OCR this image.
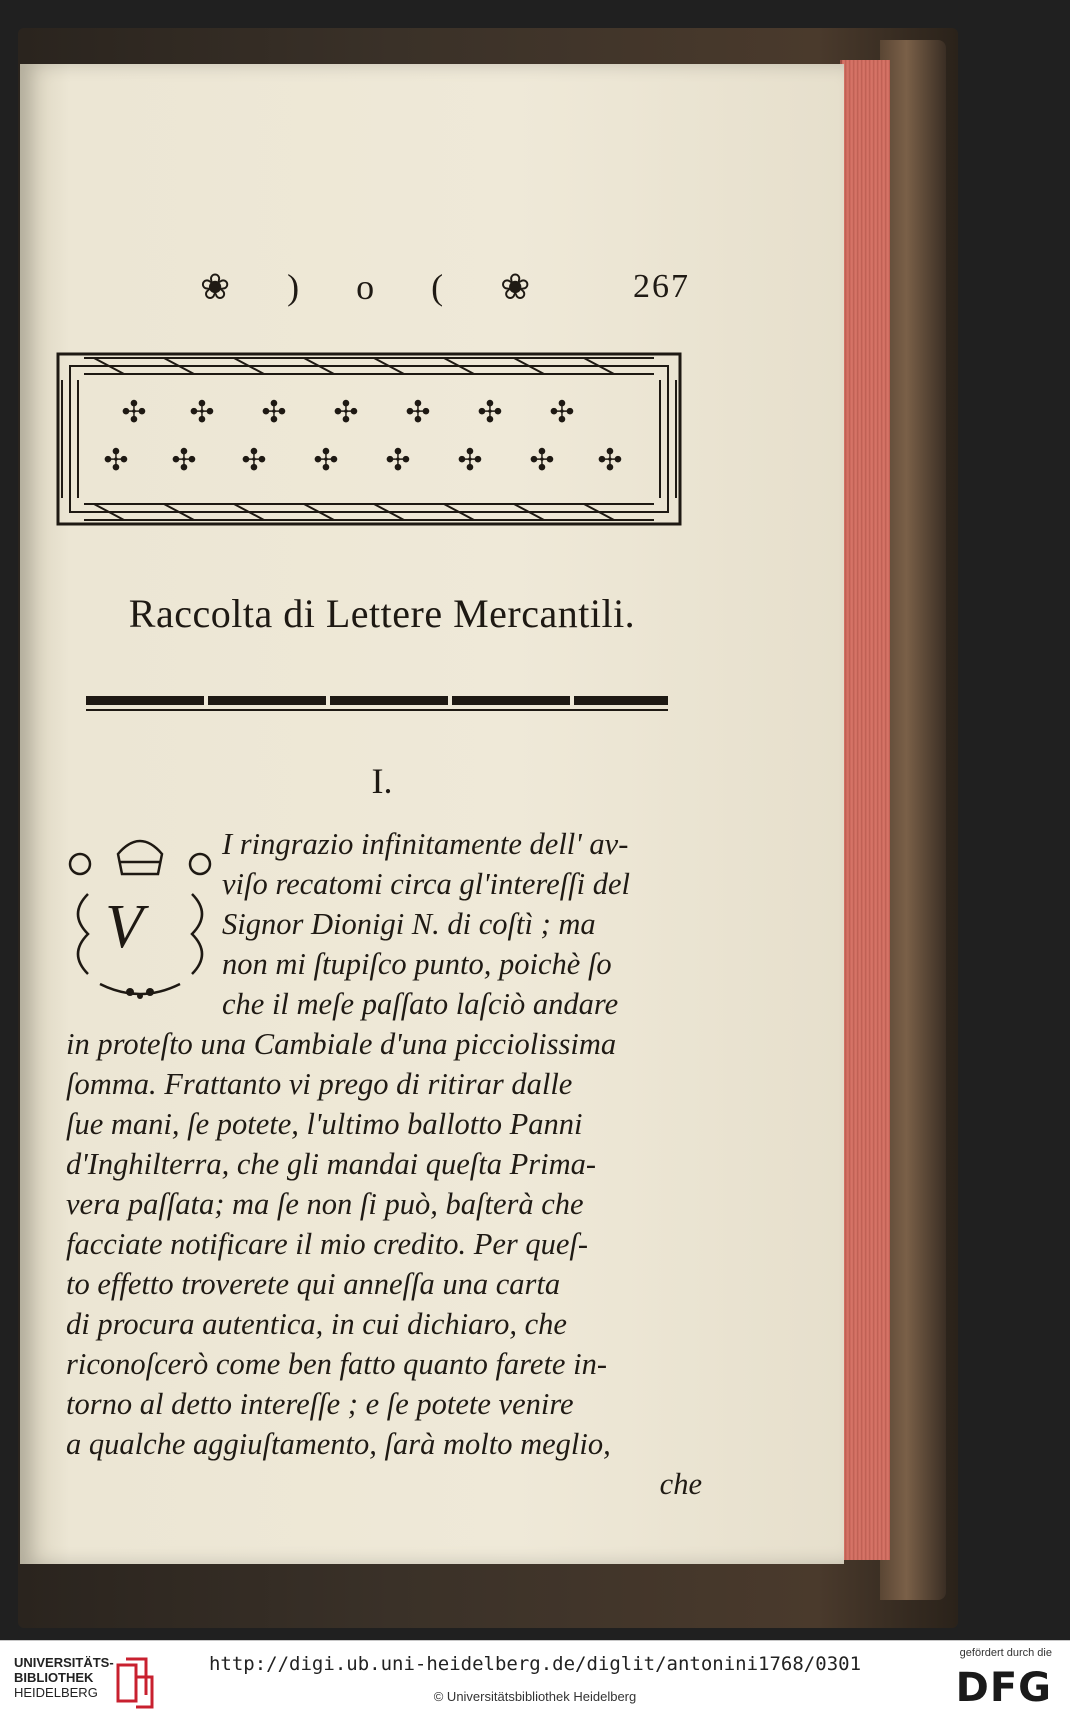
❀ ) o ( ❀ 267
✣ ✣ ✣ ✣ ✣ ✣ ✣
✣ ✣ ✣ ✣ ✣ ✣ ✣ ✣
Raccolta di Lettere Mercantili.
I.
V
I ringrazio infinitamente dell' av-
viſo recatomi circa gl'intereſſi del
Signor Dionigi N. di coſtì ; ma
non mi ſtupiſco punto, poichè ſo
che il meſe paſſato laſciò andare
in proteſto una Cambiale d'una picciolissima
ſomma. Frattanto vi prego di ritirar dalle
ſue mani, ſe potete, l'ultimo ballotto Panni
d'Inghilterra, che gli mandai queſta Prima-
vera paſſata; ma ſe non ſi può, baſterà che
facciate notificare il mio credito. Per queſ-
to effetto troverete qui anneſſa una carta
di procura autentica, in cui dichiaro, che
riconoſcerò come ben fatto quanto farete in-
torno al detto intereſſe ; e ſe potete venire
a qualche aggiuſtamento, ſarà molto meglio,
che
UNIVERSITÄTS-
BIBLIOTHEK
HEIDELBERG
http://digi.ub.uni-heidelberg.de/diglit/antonini1768/0301
© Universitätsbibliothek Heidelberg
gefördert durch die
DFG
